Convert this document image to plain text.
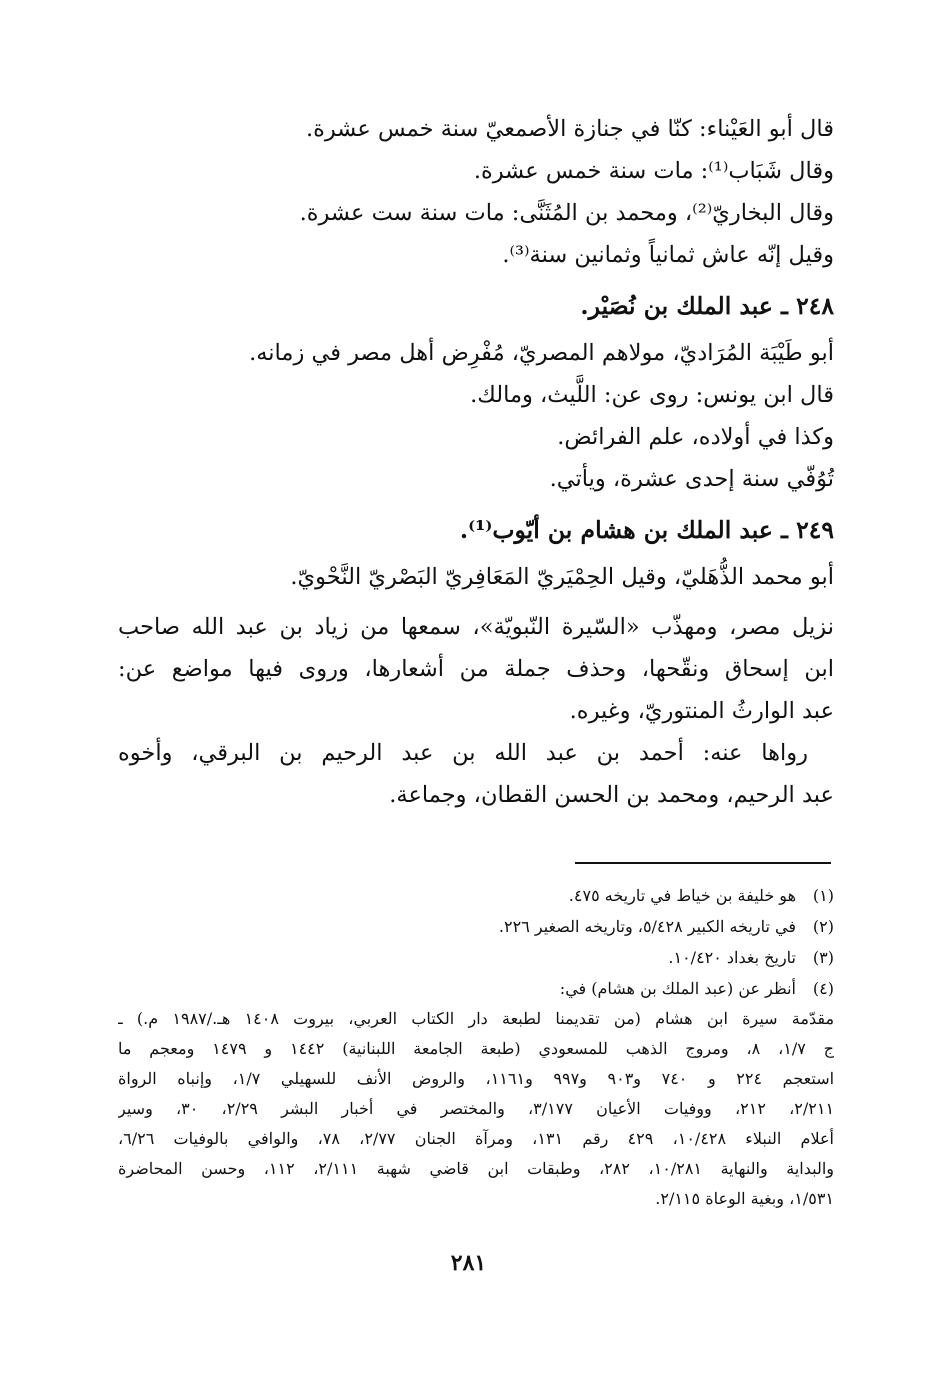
قال أبو العَيْناء: كنّا في جنازة الأصمعيّ سنة خمس عشرة.
وقال شَبَاب⁽¹⁾: مات سنة خمس عشرة.
وقال البخاريّ⁽²⁾، ومحمد بن المُثَنَّى: مات سنة ست عشرة.
وقيل إنّه عاش ثمانياً وثمانين سنة⁽³⁾.
٢٤٨ ـ عبد الملك بن نُصَيْر.
أبو طَيْبَة المُرَاديّ، مولاهم المصريّ، مُفْرِض أهل مصر في زمانه.
قال ابن يونس: روى عن: اللَّيث، ومالك.
وكذا في أولاده، علم الفرائض.
تُوُفّي سنة إحدى عشرة، ويأتي.
٢٤٩ ـ عبد الملك بن هشام بن أيّوب⁽¹⁾.
أبو محمد الذُّهَليّ، وقيل الحِمْيَريّ المَعَافِريّ البَصْريّ النَّحْويّ.
نزيل مصر، ومهذّب «السّيرة النّبويّة»، سمعها من زياد بن عبد الله صاحب
ابن إسحاق ونقّحها، وحذف جملة من أشعارها، وروى فيها مواضع عن:
عبد الوارثُ المنتوريّ، وغيره.
رواها عنه: أحمد بن عبد الله بن عبد الرحيم بن البرقي، وأخوه
عبد الرحيم، ومحمد بن الحسن القطان، وجماعة.
(١)هو خليفة بن خياط في تاريخه ٤٧٥.
(٢)في تاريخه الكبير ٥/٤٢٨، وتاريخه الصغير ٢٢٦.
(٣)تاريخ بغداد ١٠/٤٢٠.
(٤)أنظر عن (عبد الملك بن هشام) في:
مقدّمة سيرة ابن هشام (من تقديمنا لطبعة دار الكتاب العربي، بيروت ١٤٠٨ هـ./١٩٨٧ م.) ـ
ج ١/٧، ٨، ومروج الذهب للمسعودي (طبعة الجامعة اللبنانية) ١٤٤٢ و ١٤٧٩ ومعجم ما
استعجم ٢٢٤ و ٧٤٠ و٩٠٣ و٩٩٧ و١١٦١، والروض الأنف للسهيلي ١/٧، وإنباه الرواة
٢/٢١١، ٢١٢، ووفيات الأعيان ٣/١٧٧، والمختصر في أخبار البشر ٢/٢٩، ٣٠، وسير
أعلام النبلاء ١٠/٤٢٨، ٤٢٩ رقم ١٣١، ومرآة الجنان ٢/٧٧، ٧٨، والوافي بالوفيات ٦/٢٦،
والبداية والنهاية ١٠/٢٨١، ٢٨٢، وطبقات ابن قاضي شهبة ٢/١١١، ١١٢، وحسن المحاضرة
١/٥٣١، وبغية الوعاة ٢/١١٥.
٢٨١
